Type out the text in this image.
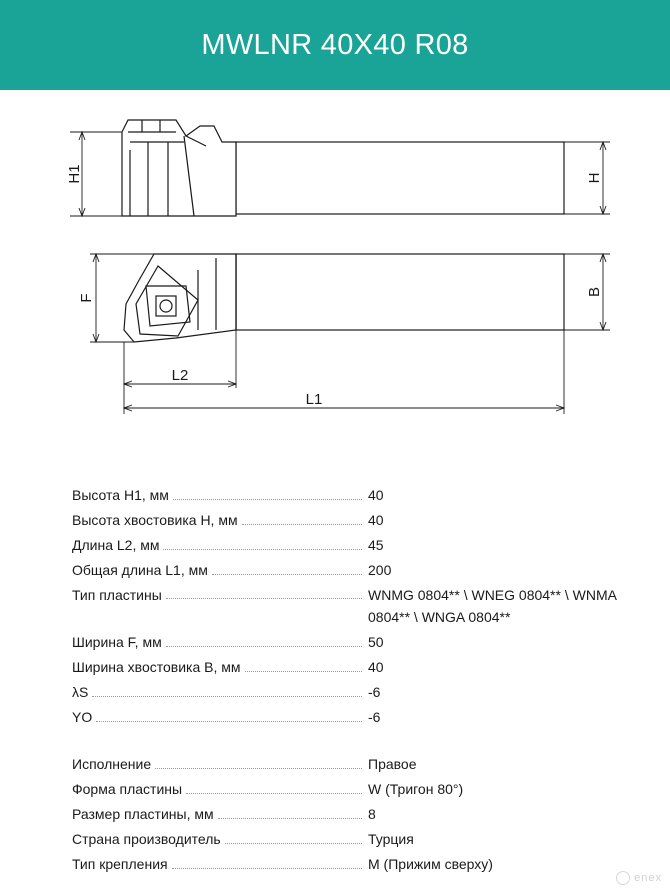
MWLNR 40X40 R08
H1	H
F
B
L2
L1
Высота H1, мм	40
Высота хвостовика H, мм	40
Длина L2, мм	45
Общая длина L1, мм	200
Тип пластины	WNMG 0804** \ WNEG 0804** \ WNMA 0804** \ WNGA 0804**
Ширина F, мм	50
Ширина хвостовика B, мм	40
λS	-6
YO	-6
Исполнение	Правое
Форма пластины	W (Тригон 80°)
Размер пластины, мм	8
Страна производитель	Турция
Тип крепления	M (Прижим сверху)
enex
